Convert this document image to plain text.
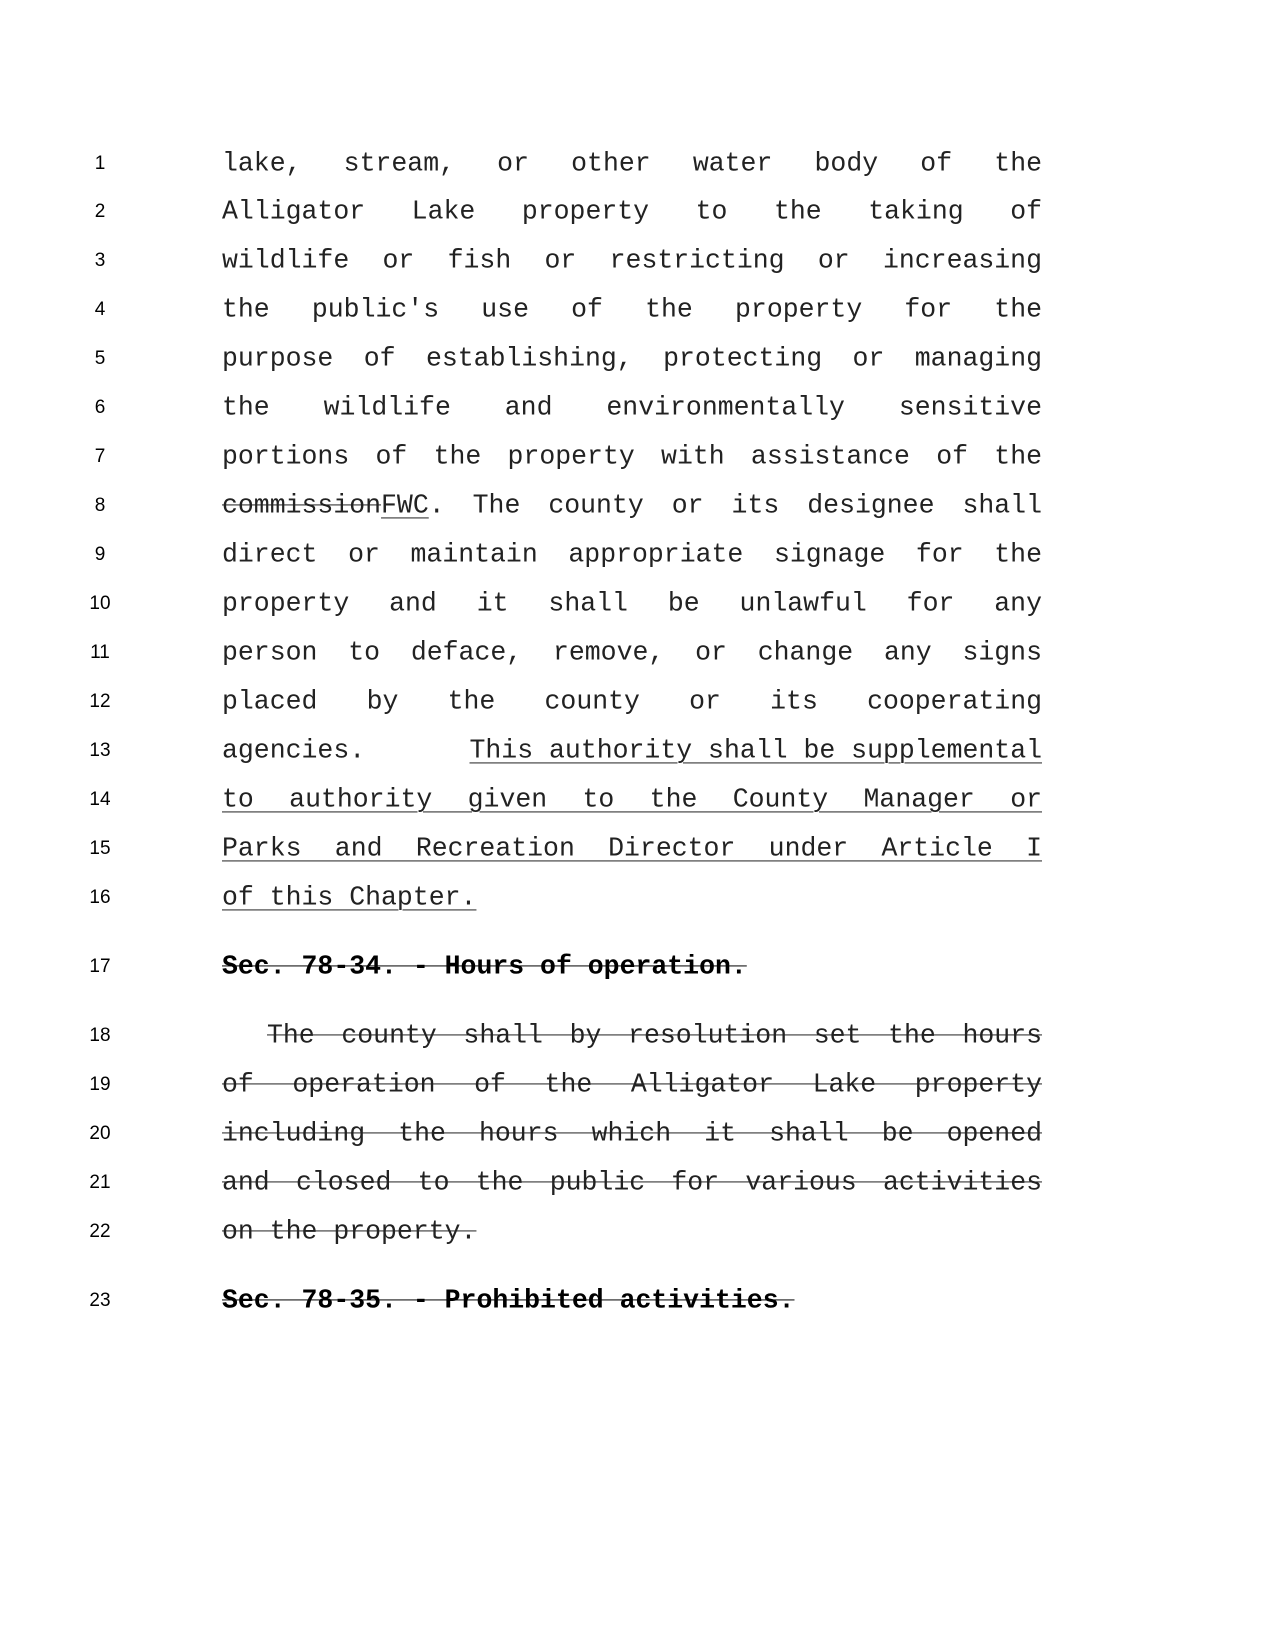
1	lake, stream, or other water body of the
2	Alligator Lake property to the taking of
3	wildlife or fish or restricting or increasing
4	the public's use of the property for the
5	purpose of establishing, protecting or managing
6	the wildlife and environmentally sensitive
7	portions of the property with assistance of the
8	commissionFWC. The county or its designee shall
9	direct or maintain appropriate signage for the
10	property and it shall be unlawful for any
11	person to deface, remove, or change any signs
12	placed by the county or its cooperating
13	agencies.	This authority shall be supplemental
14	to authority given to the County Manager or
15	Parks and Recreation Director under Article I
16	of this Chapter.
17	Sec. 78-34. - Hours of operation.
18	The county shall by resolution set the hours
19	of operation of the Alligator Lake property
20	including the hours which it shall be opened
21	and closed to the public for various activities
22	on the property.
23	Sec. 78-35. - Prohibited activities.
